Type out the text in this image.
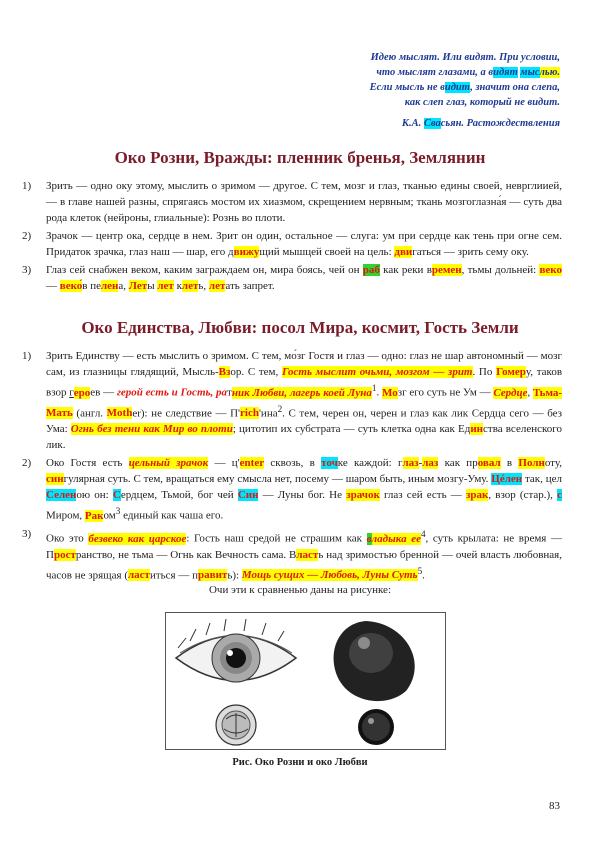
Идею мыслят. Или видят. При условии,
что мыслят глазами, а видят мыслью.
Если мысль не видит, значит она слепа,
как слеп глаз, который не видит.
К.А. Свасьян. Растождествления
Око Розни, Вражды: пленник бренья, Землянин
1)	Зрить — одно оку этому, мыслить о зримом — другое. С тем, мозг и глаз, тканью едины своей, неврглиией, — в главе нашей разны, спрягаясь мостом их хиазмом, скрещением нервным; ткань мозгоглазна́я — суть два рода клеток (нейроны, глиальные): Рознь во плоти.
2)	Зрачок — центр ока, сердце в нем. Зрит он один, остальное — слуга: ум при сердце как тень при огне сем. Придаток зрачка, глаз наш — шар, его движущий мышцей своей на цель: двигаться — зрить сему оку.
3)	Глаз сей снабжен веком, каким заграждаем он, мира боясь, чей он раб как реки времен, тьмы дольней: веко — веко́в пелена, Леты лет клеть, летать запрет.
Око Единства, Любви: посол Мира, космит, Гость Земли
1)	Зрить Единству — есть мыслить о зримом. С тем, мо́зг Гостя и глаз — одно: глаз не шар автономный — мозг сам, из глазницы глядящий, Мысль-Взор. С тем, Гость мыслит очьми, мозгом — зрит. По Гомеру, таков взор героев — герой есть и Гость, ратник Любви, лагерь коей Луна$^1$. Мозг его суть не Ум — Сердце, Тьма-Мать (англ. Mother): не следствие — П'rich'ина$^2$. С тем, черен он, черен и глаз как лик Сердца сего — без Ума: Огнь без тени как Мир во плоти; цитотип их субстрата — суть клетка одна как Единства вселенского лик.
2)	Око Гостя есть цельный зрачок — ц'enter сквозь, в точке каждой: глаз-лаз как провал в Полноту, сингулярная суть. С тем, вращаться ему смысла нет, посему — шаром быть, иным мозгу-Уму. Цéлен так, цел Селеною он: Сердцем, Тьмой, бог чей Син — Луны бог. Не зрачок глаз сей есть — зрак, взор (стар.), с Миром, Раком$^3$ единый как чаша его.
3)	Око это безвеко как царское: Гость наш средой не страшим как владыка $ее^4$, суть крылата: не время — Пространство, не тьма — Огнь как Вечность сама. Власть над зримостью бренной — очей власть любовная, часов не зрящая (ластиться — править): Мощь сущих — Любовь, Луны Суть$^5$.
Очи эти к сравненью даны на рисунке:
Рис. Око Розни и око Любви
83
